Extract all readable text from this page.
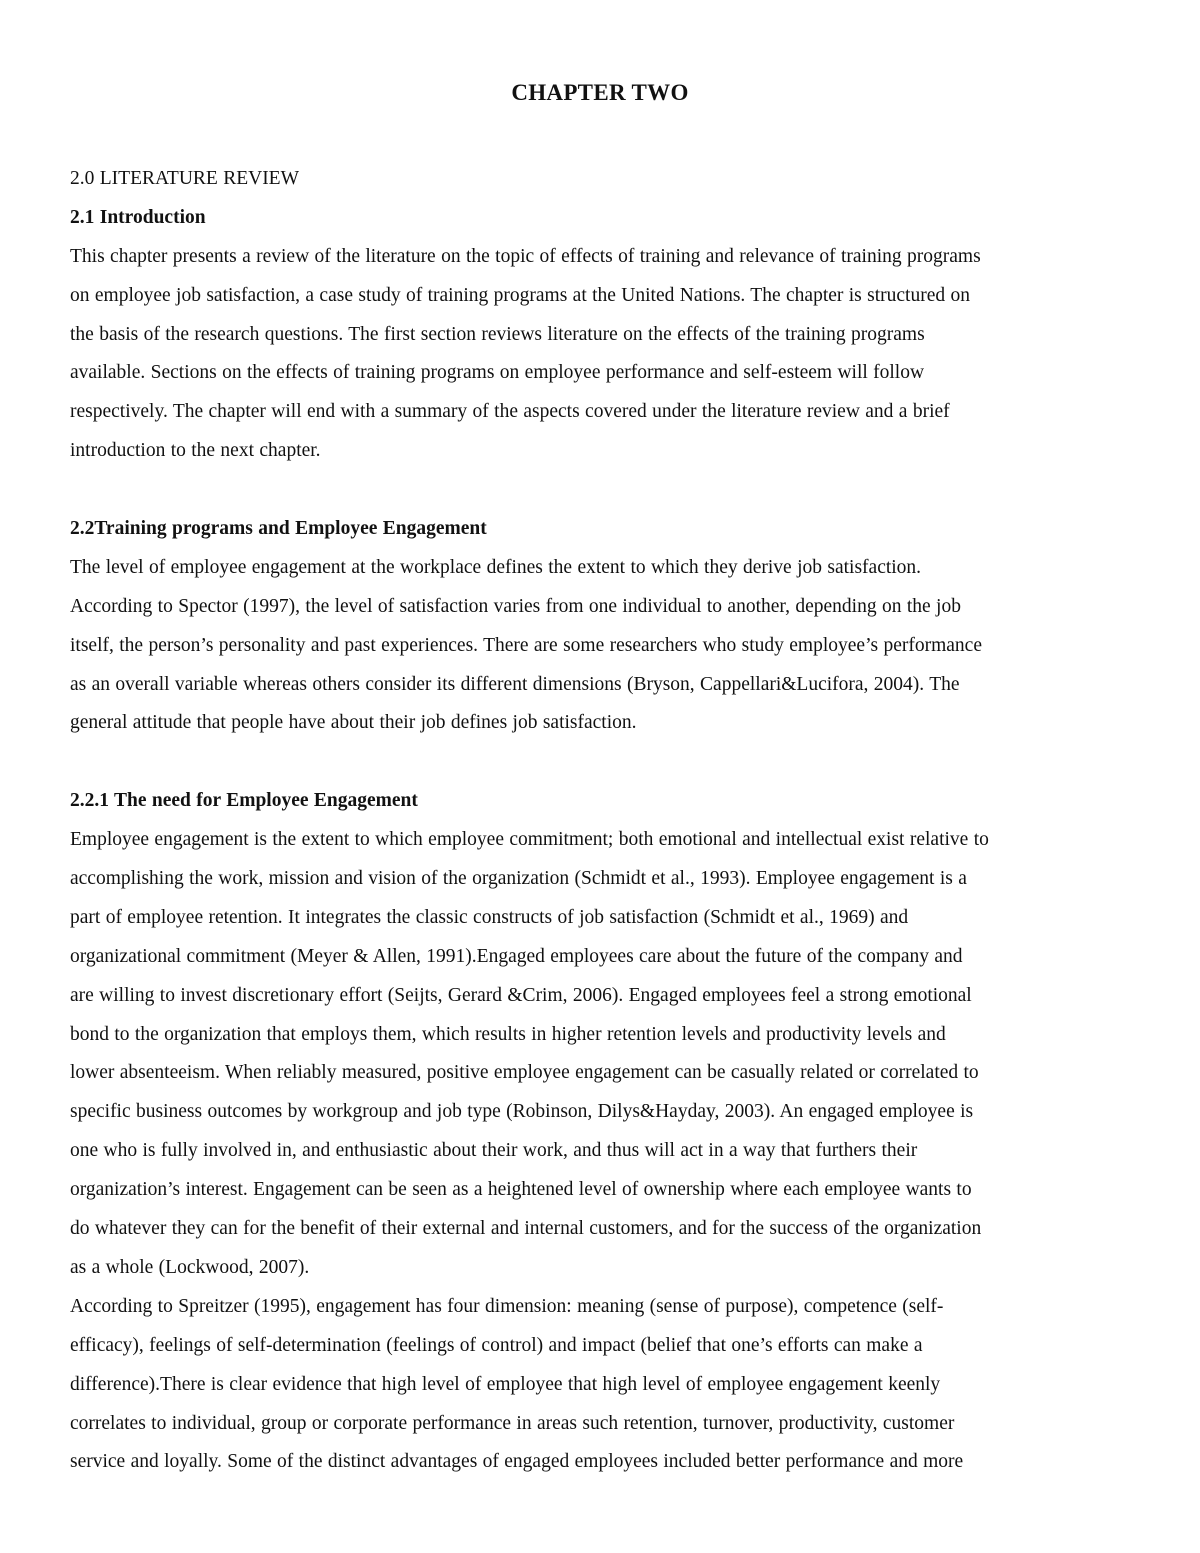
CHAPTER TWO
2.0 LITERATURE REVIEW
2.1 Introduction
This chapter presents a review of the literature on the topic of effects of training and relevance of training programs
on employee job satisfaction, a case study of training programs at the United Nations. The chapter is structured on
the basis of the research questions. The first section reviews literature on the effects of the training programs
available. Sections on the effects of training programs on employee performance and self-esteem will follow
respectively. The chapter will end with a summary of the aspects covered under the literature review and a brief
introduction to the next chapter.
2.2Training programs and Employee Engagement
The level of employee engagement at the workplace defines the extent to which they derive job satisfaction.
According to Spector (1997), the level of satisfaction varies from one individual to another, depending on the job
itself, the person’s personality and past experiences. There are some researchers who study employee’s performance
as an overall variable whereas others consider its different dimensions (Bryson, Cappellari&Lucifora, 2004). The
general attitude that people have about their job defines job satisfaction.
2.2.1 The need for Employee Engagement
Employee engagement is the extent to which employee commitment; both emotional and intellectual exist relative to
accomplishing the work, mission and vision of the organization (Schmidt et al., 1993). Employee engagement is a
part of employee retention. It integrates the classic constructs of job satisfaction (Schmidt et al., 1969) and
organizational commitment (Meyer & Allen, 1991).Engaged employees care about the future of the company and
are willing to invest discretionary effort (Seijts, Gerard &Crim, 2006). Engaged employees feel a strong emotional
bond to the organization that employs them, which results in higher retention levels and productivity levels and
lower absenteeism. When reliably measured, positive employee engagement can be casually related or correlated to
specific business outcomes by workgroup and job type (Robinson, Dilys&Hayday, 2003). An engaged employee is
one who is fully involved in, and enthusiastic about their work, and thus will act in a way that furthers their
organization’s interest. Engagement can be seen as a heightened level of ownership where each employee wants to
do whatever they can for the benefit of their external and internal customers, and for the success of the organization
as a whole (Lockwood, 2007).
According to Spreitzer (1995), engagement has four dimension: meaning (sense of purpose), competence (self-
efficacy), feelings of self-determination (feelings of control) and impact (belief that one’s efforts can make a
difference).There is clear evidence that high level of employee that high level of employee engagement keenly
correlates to individual, group or corporate performance in areas such retention, turnover, productivity, customer
service and loyally. Some of the distinct advantages of engaged employees included better performance and more
